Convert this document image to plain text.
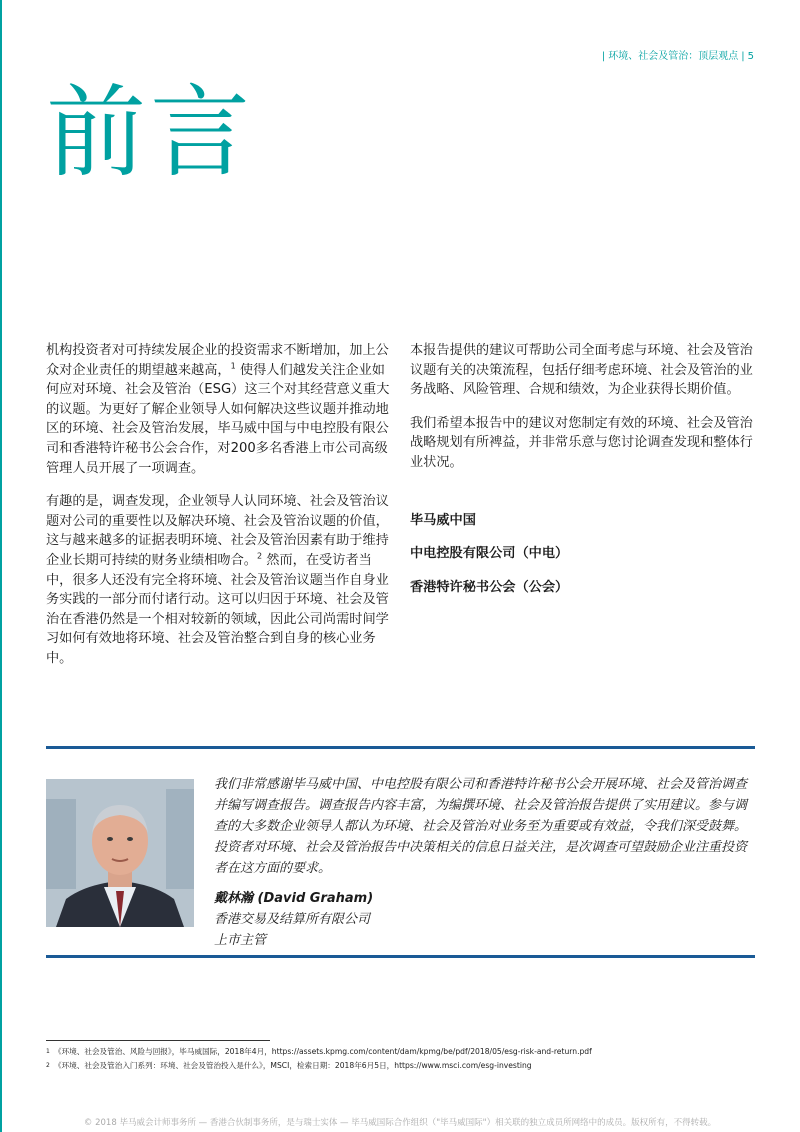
| 环境、社会及管治：顶层观点 | 5
前言

机构投资者对可持续发展企业的投资需求不断增加，加上公众对企业责任的期望越来越高，$^1$ 使得人们越发关注企业如何应对环境、社会及管治（ESG）这三个对其经营意义重大的议题。为更好了解企业领导人如何解决这些议题并推动地区的环境、社会及管治发展，毕马威中国与中电控股有限公司和香港特许秘书公会合作，对200多名香港上市公司高级管理人员开展了一项调查。

有趣的是，调查发现，企业领导人认同环境、社会及管治议题对公司的重要性以及解决环境、社会及管治议题的价值，这与越来越多的证据表明环境、社会及管治因素有助于维持企业长期可持续的财务业绩相吻合。$^2$ 然而，在受访者当中，很多人还没有完全将环境、社会及管治议题当作自身业务实践的一部分而付诸行动。这可以归因于环境、社会及管治在香港仍然是一个相对较新的领域，因此公司尚需时间学习如何有效地将环境、社会及管治整合到自身的核心业务中。

本报告提供的建议可帮助公司全面考虑与环境、社会及管治议题有关的决策流程，包括仔细考虑环境、社会及管治的业务战略、风险管理、合规和绩效，为企业获得长期价值。

我们希望本报告中的建议对您制定有效的环境、社会及管治战略规划有所裨益，并非常乐意与您讨论调查发现和整体行业状况。

毕马威中国

中电控股有限公司（中电）

香港特许秘书公会（公会）

我们非常感谢毕马威中国、中电控股有限公司和香港特许秘书公会开展环境、社会及管治调查并编写调查报告。调查报告内容丰富，为编撰环境、社会及管治报告提供了实用建议。参与调查的大多数企业领导人都认为环境、社会及管治对业务至为重要或有效益，令我们深受鼓舞。投资者对环境、社会及管治报告中决策相关的信息日益关注，是次调查可望鼓励企业注重投资者在这方面的要求。

戴林瀚 (David Graham)

香港交易及结算所有限公司

上市主管

1 《环境、社会及管治、风险与回报》，毕马威国际，2018年4月，https://assets.kpmg.com/content/dam/kpmg/be/pdf/2018/05/esg-risk-and-return.pdf
2 《环境、社会及管治入门系列：环境、社会及管治投入是什么》，MSCI，检索日期：2018年6月5日，https://www.msci.com/esg-investing
© 2018 毕马威会计师事务所 — 香港合伙制事务所，是与瑞士实体 — 毕马威国际合作组织（"毕马威国际"）相关联的独立成员所网络中的成员。版权所有，不得转载。
